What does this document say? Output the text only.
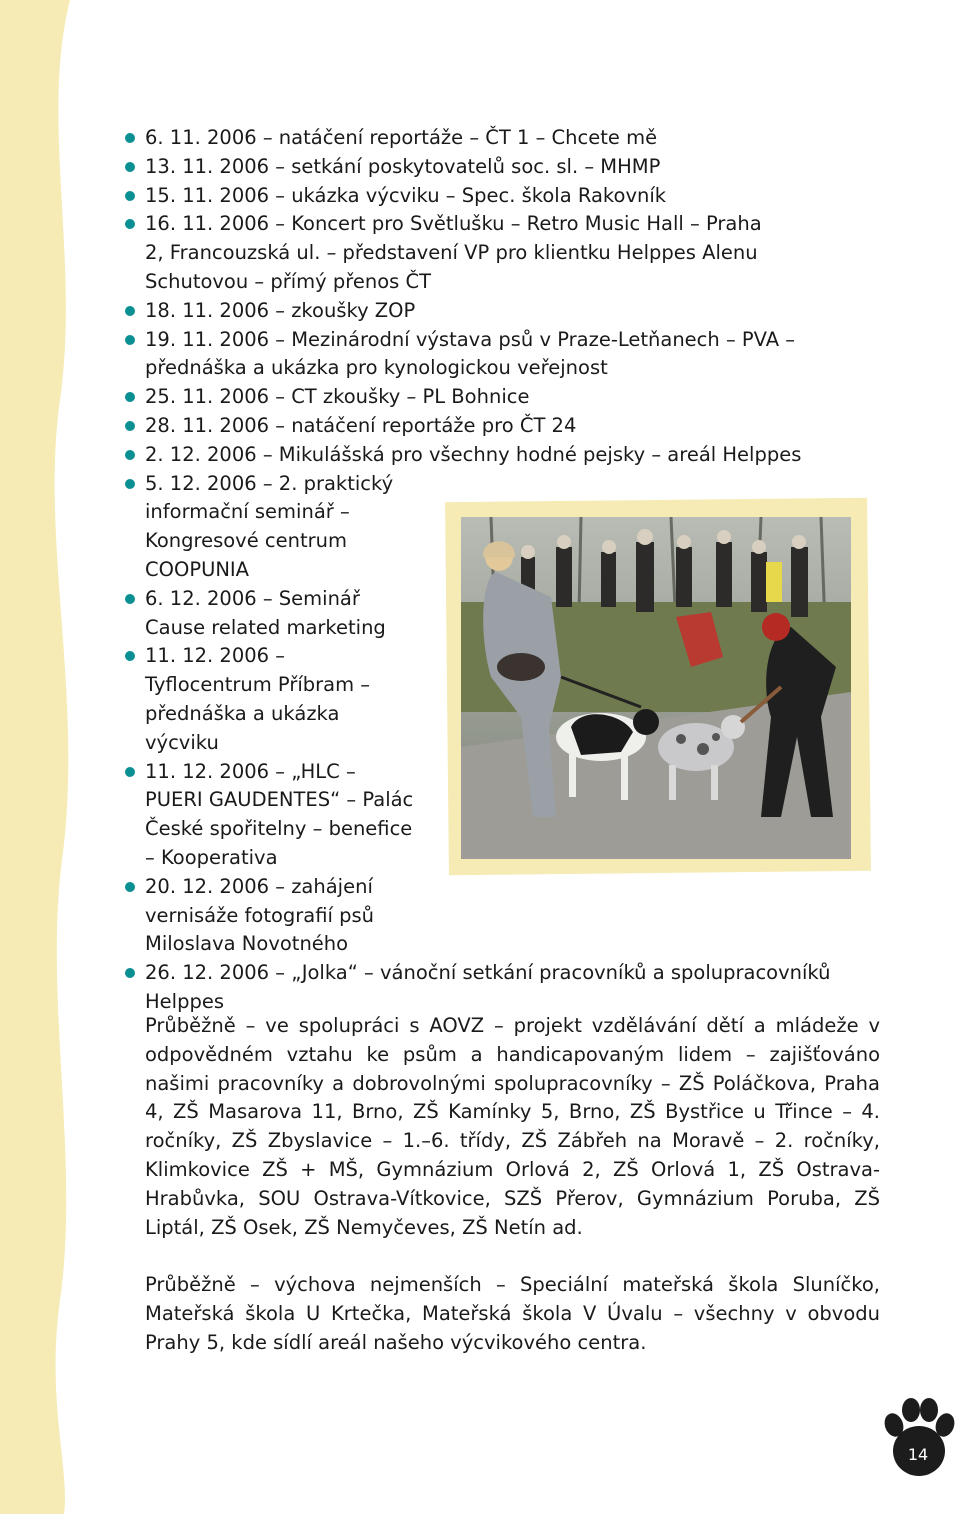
6. 11. 2006 – natáčení reportáže – ČT 1 – Chcete mě
13. 11. 2006 – setkání poskytovatelů soc. sl. – MHMP
15. 11. 2006 – ukázka výcviku – Spec. škola Rakovník
16. 11. 2006 – Koncert pro Světlušku – Retro Music Hall – Praha 2, Francouzská ul. – představení VP pro klientku Helppes Alenu Schutovou – přímý přenos ČT
18. 11. 2006 – zkoušky ZOP
19. 11. 2006 – Mezinárodní výstava psů v Praze-Letňanech – PVA – přednáška a ukázka pro kynologickou veřejnost
25. 11. 2006 – CT zkoušky – PL Bohnice
28. 11. 2006 – natáčení reportáže pro ČT 24
2. 12. 2006 – Mikulášská pro všechny hodné pejsky – areál Helppes
5. 12. 2006 – 2. praktický informační seminář – Kongresové centrum COOPUNIA
6. 12. 2006 – Seminář Cause related marketing
11. 12. 2006 – Tyflocentrum Příbram – přednáška a ukázka výcviku
11. 12. 2006 – „HLC – PUERI GAUDENTES“ – Palác České spořitelny – benefice – Kooperativa
20. 12. 2006 – zahájení vernisáže fotografií psů Miloslava Novotného
26. 12. 2006 – „Jolka“ – vánoční setkání pracovníků a spolupracovníků Helppes

Průběžně – ve spolupráci s AOVZ – projekt vzdělávání dětí a mládeže v odpovědném vztahu ke psům a handicapovaným lidem – zajišťováno našimi pracovníky a dobrovolnými spolupracovníky – ZŠ Poláčkova, Praha 4, ZŠ Masarova 11, Brno, ZŠ Kamínky 5, Brno, ZŠ Bystřice u Třince – 4. ročníky, ZŠ Zbyslavice – 1.–6. třídy, ZŠ Zábřeh na Moravě – 2. ročníky, Klimkovice ZŠ + MŠ, Gymnázium Orlová 2, ZŠ Orlová 1, ZŠ Ostrava-Hrabůvka, SOU Ostrava-Vítkovice, SZŠ Přerov, Gymnázium Poruba, ZŠ Liptál, ZŠ Osek, ZŠ Nemyčeves, ZŠ Netín ad.

Průběžně – výchova nejmenších – Speciální mateřská škola Sluníčko, Mateřská škola U Krtečka, Mateřská škola V Úvalu – všechny v obvodu Prahy 5, kde sídlí areál našeho výcvikového centra.

14
